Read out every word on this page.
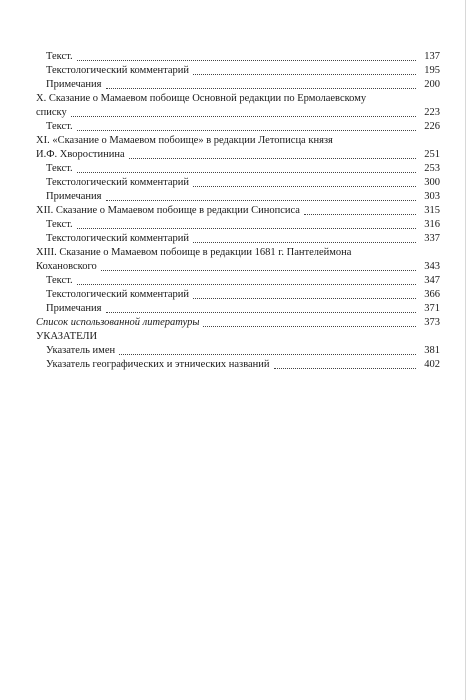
Текст.	137
Текстологический комментарий	195
Примечания	200
X. Сказание о Мамаевом побоище Основной редакции по Ермолаевскому
списку	223
Текст.	226
XI. «Сказание о Мамаевом побоище» в редакции Летописца князя
И.Ф. Хворостинина	251
Текст.	253
Текстологический комментарий	300
Примечания	303
XII. Сказание о Мамаевом побоище в редакции Синопсиса	315
Текст.	316
Текстологический комментарий	337
XIII. Сказание о Мамаевом побоище в редакции 1681 г. Пантелеймона
Кохановского	343
Текст.	347
Текстологический комментарий	366
Примечания	371
Список использованной литературы	373
УКАЗАТЕЛИ
Указатель имен	381
Указатель географических и этнических названий	402
